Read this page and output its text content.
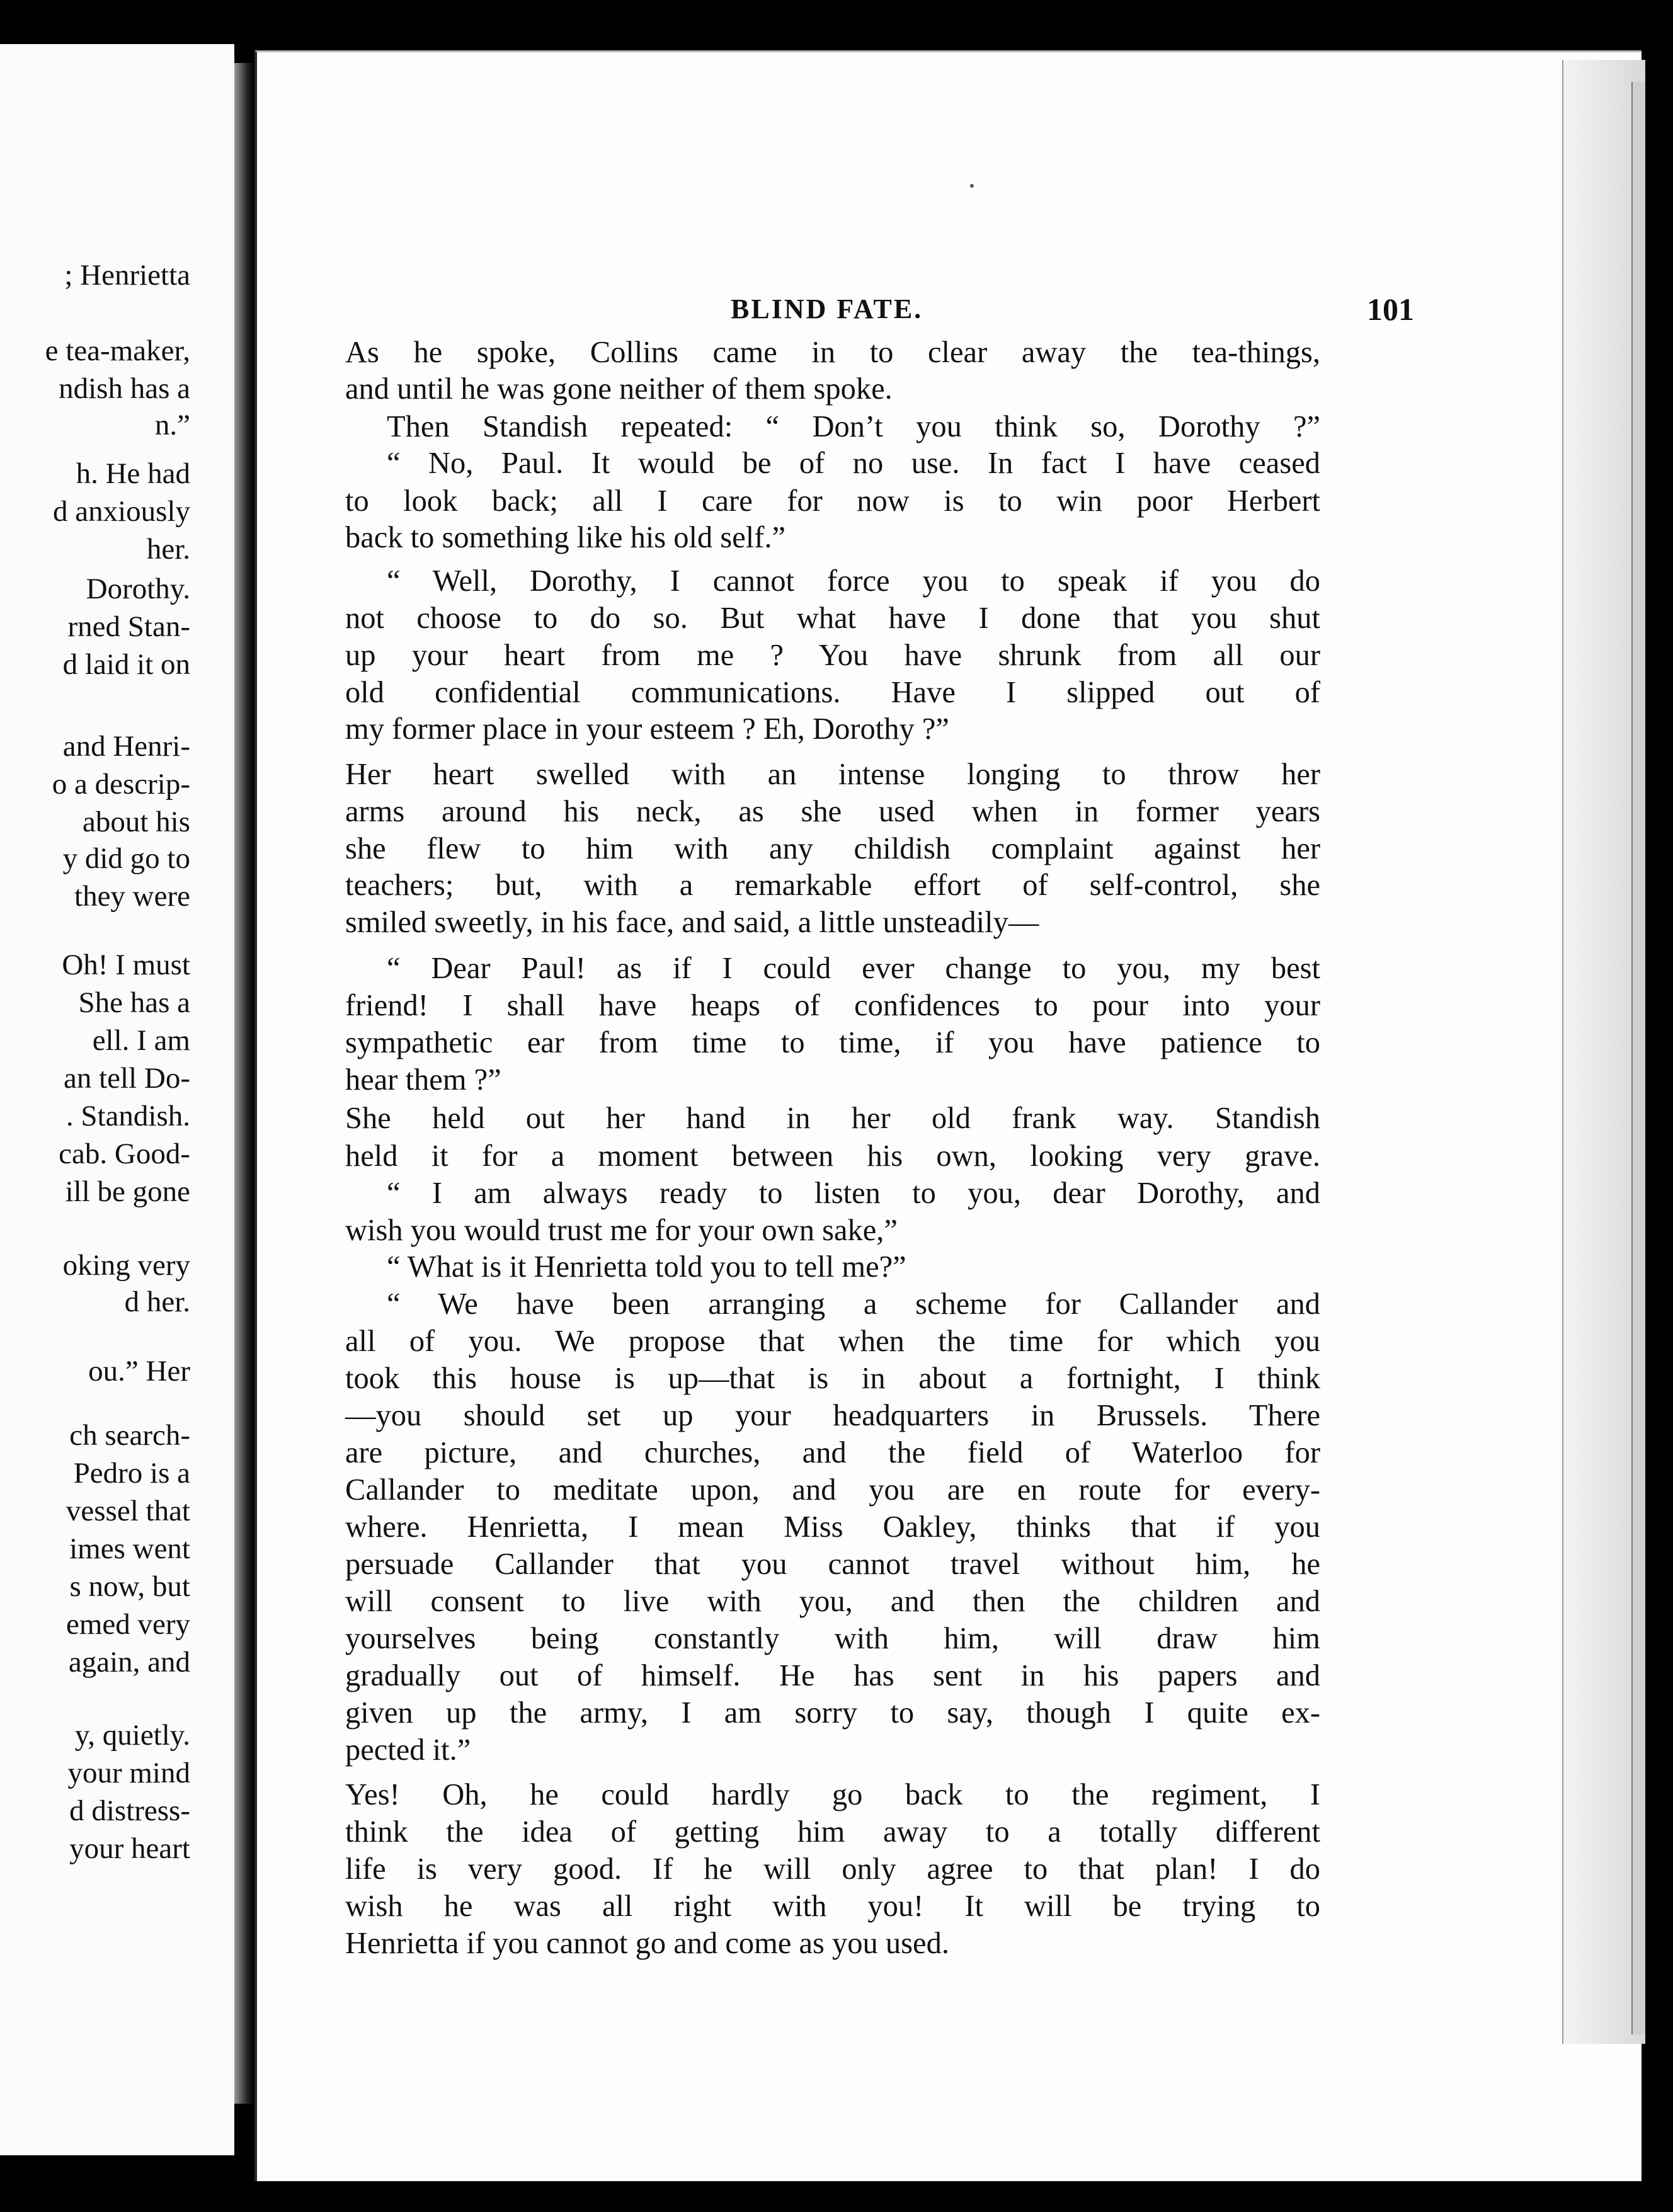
; Henrietta
e tea-maker,
ndish has a
n.”
h. He had
d anxiously
her.
Dorothy.
rned Stan-
d laid it on
and Henri-
o a descrip-
about his
y did go to
they were
Oh! I must
She has a
ell. I am
an tell Do-
. Standish.
cab. Good-
ill be gone
oking very
d her.
ou.” Her
ch search-
Pedro is a
vessel that
imes went
s now, but
emed very
again, and
y, quietly.
your mind
d distress-
your heart
BLIND FATE.	101
As he spoke, Collins came in to clear away the tea-things,
and until he was gone neither of them spoke.
Then Standish repeated: “ Don’t you think so, Dorothy ?”
“ No, Paul. It would be of no use. In fact I have ceased
to look back; all I care for now is to win poor Herbert
back to something like his old self.”
“ Well, Dorothy, I cannot force you to speak if you do
not choose to do so. But what have I done that you shut
up your heart from me ? You have shrunk from all our
old confidential communications. Have I slipped out of
my former place in your esteem ? Eh, Dorothy ?”
Her heart swelled with an intense longing to throw her
arms around his neck, as she used when in former years
she flew to him with any childish complaint against her
teachers; but, with a remarkable effort of self-control, she
smiled sweetly, in his face, and said, a little unsteadily—
“ Dear Paul! as if I could ever change to you, my best
friend! I shall have heaps of confidences to pour into your
sympathetic ear from time to time, if you have patience to
hear them ?”
She held out her hand in her old frank way. Standish
held it for a moment between his own, looking very grave.
“ I am always ready to listen to you, dear Dorothy, and
wish you would trust me for your own sake,”
“ What is it Henrietta told you to tell me?”
“ We have been arranging a scheme for Callander and
all of you. We propose that when the time for which you
took this house is up—that is in about a fortnight, I think
—you should set up your headquarters in Brussels. There
are picture, and churches, and the field of Waterloo for
Callander to meditate upon, and you are en route for every-
where. Henrietta, I mean Miss Oakley, thinks that if you
persuade Callander that you cannot travel without him, he
will consent to live with you, and then the children and
yourselves being constantly with him, will draw him
gradually out of himself. He has sent in his papers and
given up the army, I am sorry to say, though I quite ex-
pected it.”
Yes! Oh, he could hardly go back to the regiment, I
think the idea of getting him away to a totally different
life is very good. If he will only agree to that plan! I do
wish he was all right with you! It will be trying to
Henrietta if you cannot go and come as you used.
